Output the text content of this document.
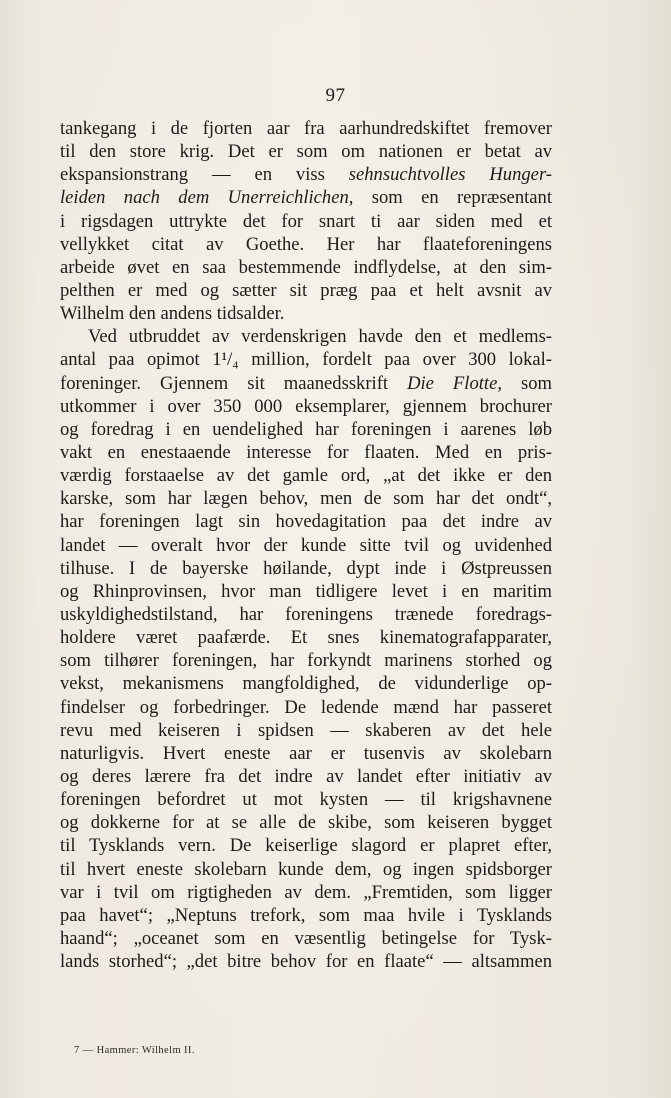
97
tankegang i de fjorten aar fra aarhundredskiftet fremover
til den store krig. Det er som om nationen er betat av
ekspansionstrang — en viss sehnsuchtvolles Hunger-
leiden nach dem Unerreichlichen, som en repræsentant
i rigsdagen uttrykte det for snart ti aar siden med et
vellykket citat av Goethe. Her har flaateforeningens
arbeide øvet en saa bestemmende indflydelse, at den sim-
pelthen er med og sætter sit præg paa et helt avsnit av
Wilhelm den andens tidsalder.
Ved utbruddet av verdenskrigen havde den et medlems-
antal paa opimot 1¹/₄ million, fordelt paa over 300 lokal-
foreninger. Gjennem sit maanedsskrift Die Flotte, som
utkommer i over 350 000 eksemplarer, gjennem brochurer
og foredrag i en uendelighed har foreningen i aarenes løb
vakt en enestaaende interesse for flaaten. Med en pris-
værdig forstaaelse av det gamle ord, „at det ikke er den
karske, som har lægen behov, men de som har det ondt“,
har foreningen lagt sin hovedagitation paa det indre av
landet — overalt hvor der kunde sitte tvil og uvidenhed
tilhuse. I de bayerske høilande, dypt inde i Østpreussen
og Rhinprovinsen, hvor man tidligere levet i en maritim
uskyldighedstilstand, har foreningens trænede foredrags-
holdere været paafærde. Et snes kinematografapparater,
som tilhører foreningen, har forkyndt marinens storhed og
vekst, mekanismens mangfoldighed, de vidunderlige op-
findelser og forbedringer. De ledende mænd har passeret
revu med keiseren i spidsen — skaberen av det hele
naturligvis. Hvert eneste aar er tusenvis av skolebarn
og deres lærere fra det indre av landet efter initiativ av
foreningen befordret ut mot kysten — til krigshavnene
og dokkerne for at se alle de skibe, som keiseren bygget
til Tysklands vern. De keiserlige slagord er plapret efter,
til hvert eneste skolebarn kunde dem, og ingen spidsborger
var i tvil om rigtigheden av dem. „Fremtiden, som ligger
paa havet“; „Neptuns trefork, som maa hvile i Tysklands
haand“; „oceanet som en væsentlig betingelse for Tysk-
lands storhed“; „det bitre behov for en flaate“ — altsammen
7 — Hammer: Wilhelm II.
